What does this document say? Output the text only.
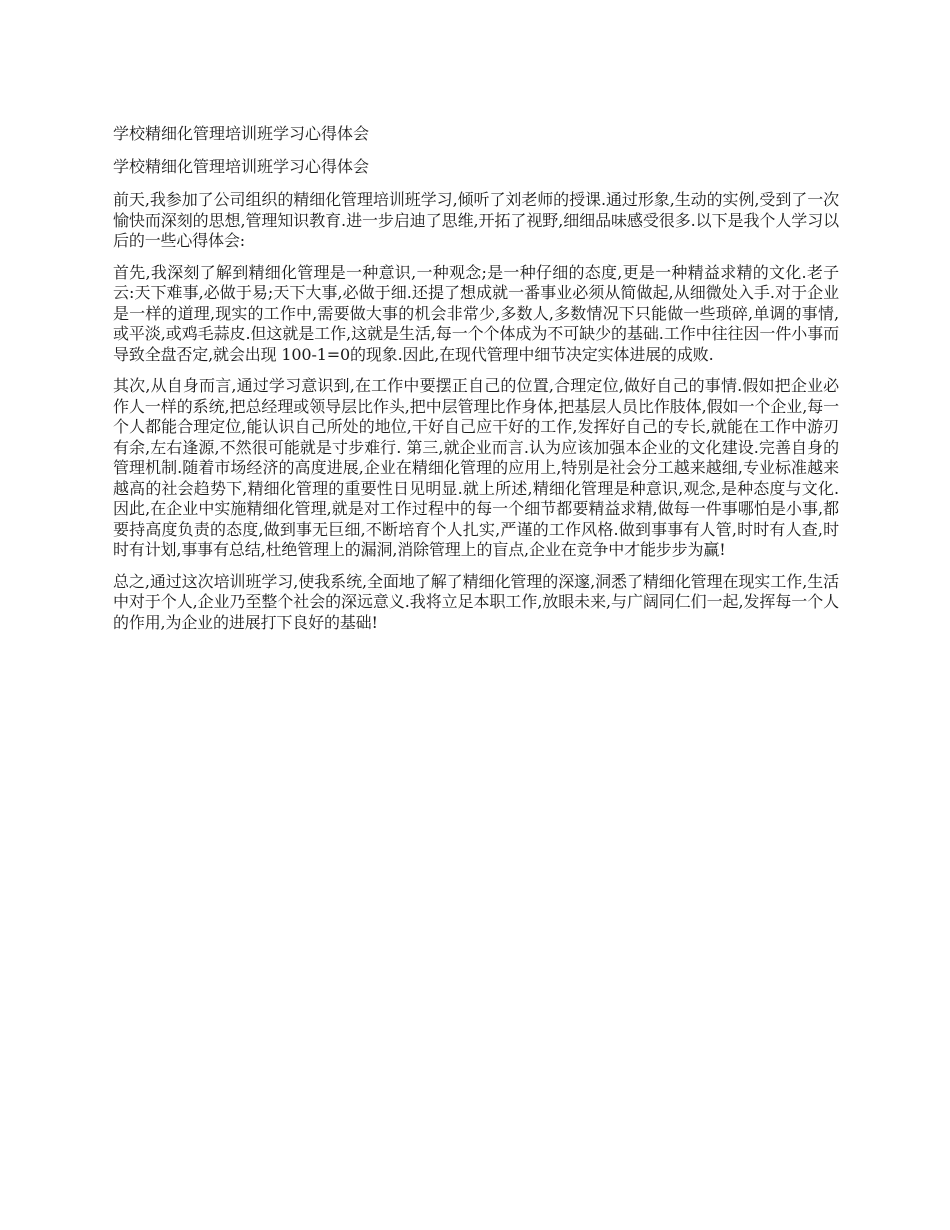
学校精细化管理培训班学习心得体会
学校精细化管理培训班学习心得体会

前天,我参加了公司组织的精细化管理培训班学习,倾听了刘老师的授课.通过形象,生动的实例,受到了一次愉快而深刻的思想,管理知识教育.进一步启迪了思维,开拓了视野,细细品味感受很多.以下是我个人学习以后的一些心得体会:

首先,我深刻了解到精细化管理是一种意识,一种观念;是一种仔细的态度,更是一种精益求精的文化.老子云:天下难事,必做于易;天下大事,必做于细.还提了想成就一番事业必须从简做起,从细微处入手.对于企业是一样的道理,现实的工作中,需要做大事的机会非常少,多数人,多数情况下只能做一些琐碎,单调的事情,或平淡,或鸡毛蒜皮.但这就是工作,这就是生活,每一个个体成为不可缺少的基础.工作中往往因一件小事而导致全盘否定,就会出现 100-1=0的现象.因此,在现代管理中细节决定实体进展的成败.

其次,从自身而言,通过学习意识到,在工作中要摆正自己的位置,合理定位,做好自己的事情.假如把企业必作人一样的系统,把总经理或领导层比作头,把中层管理比作身体,把基层人员比作肢体,假如一个企业,每一个人都能合理定位,能认识自己所处的地位,干好自己应干好的工作,发挥好自己的专长,就能在工作中游刃有余,左右逢源,不然很可能就是寸步难行. 第三,就企业而言.认为应该加强本企业的文化建设.完善自身的管理机制.随着市场经济的高度进展,企业在精细化管理的应用上,特别是社会分工越来越细,专业标准越来越高的社会趋势下,精细化管理的重要性日见明显.就上所述,精细化管理是种意识,观念,是种态度与文化.因此,在企业中实施精细化管理,就是对工作过程中的每一个细节都要精益求精,做每一件事哪怕是小事,都要持高度负责的态度,做到事无巨细,不断培育个人扎实,严谨的工作风格.做到事事有人管,时时有人查,时时有计划,事事有总结,杜绝管理上的漏洞,消除管理上的盲点,企业在竞争中才能步步为赢!

总之,通过这次培训班学习,使我系统,全面地了解了精细化管理的深邃,洞悉了精细化管理在现实工作,生活中对于个人,企业乃至整个社会的深远意义.我将立足本职工作,放眼未来,与广阔同仁们一起,发挥每一个人的作用,为企业的进展打下良好的基础!
